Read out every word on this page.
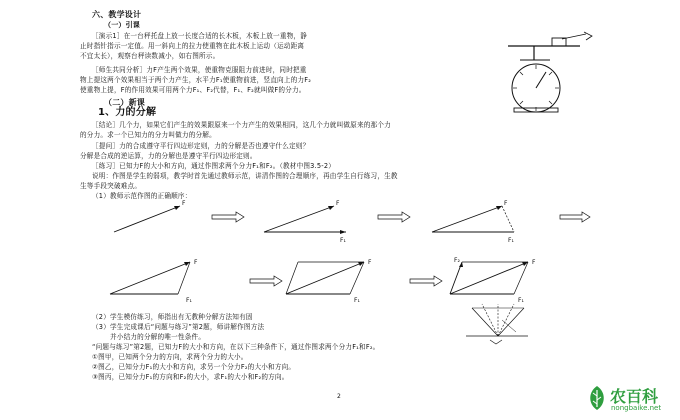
六、教学设计
（一）引课
［演示1］在一台秤托盘上放一长度合适的长木板，木板上放一重物，静
止时指针指示一定值。用一斜向上的拉力使重物在此木板上运动（运动距离
不宜太长），观察台秤读数减小，如右图所示。
［师生共同分析］力F产生两个效果，使重物克服阻力前进时，同时把重
物上提这两个效果相当于两个力产生，水平力F₁使重物前进，竖直向上的力F₂
使重物上提，F的作用效果可用两个力F₁、F₂代替，F₁、F₂就叫做F的分力。
（二）新课
1、力的分解
［结论］几个力，如果它们产生的效果跟原来一个力产生的效果相同，这几个力就叫做原来的那个力
的分力。求一个已知力的分力叫做力的分解。
［提问］力的合成遵守平行四边形定则，力的分解是否也遵守什么定则？
分解是合成的逆运算，力的分解也是遵守平行四边形定则。
［练习］已知力F的大小和方向，通过作图求两个分力F₁和F₂。（教材中图3.5-2）
说明：作图是学生的弱项，教学时首先通过教师示范，讲清作图的合理顺序，再由学生自行练习，生教
生等手段突破难点。
（1）教师示范作图的正确顺序：
F	F
F₁
F
F₁
F
F₁
F
F₁
F₂	F
F₁
（2）学生模仿练习，师指出有无教种分解方法知有固
（3）学生完成课后“问题与练习”第2题，师讲解作图方法
并小结力的分解的唯一性条件。
“问题与练习”第2题，已知力F的大小和方向，在以下三种条件下，通过作图求两个分力F₁和F₂。
①图甲，已知两个分力的方向，求两个分力的大小。
②图乙，已知分力F₁的大小和方向，求另一个分力F₂的大小和方向。
③图丙，已知分力F₁的方向和F₂的大小，求F₁的大小和F₂的方向。
2	农百科
nongbaike.net
